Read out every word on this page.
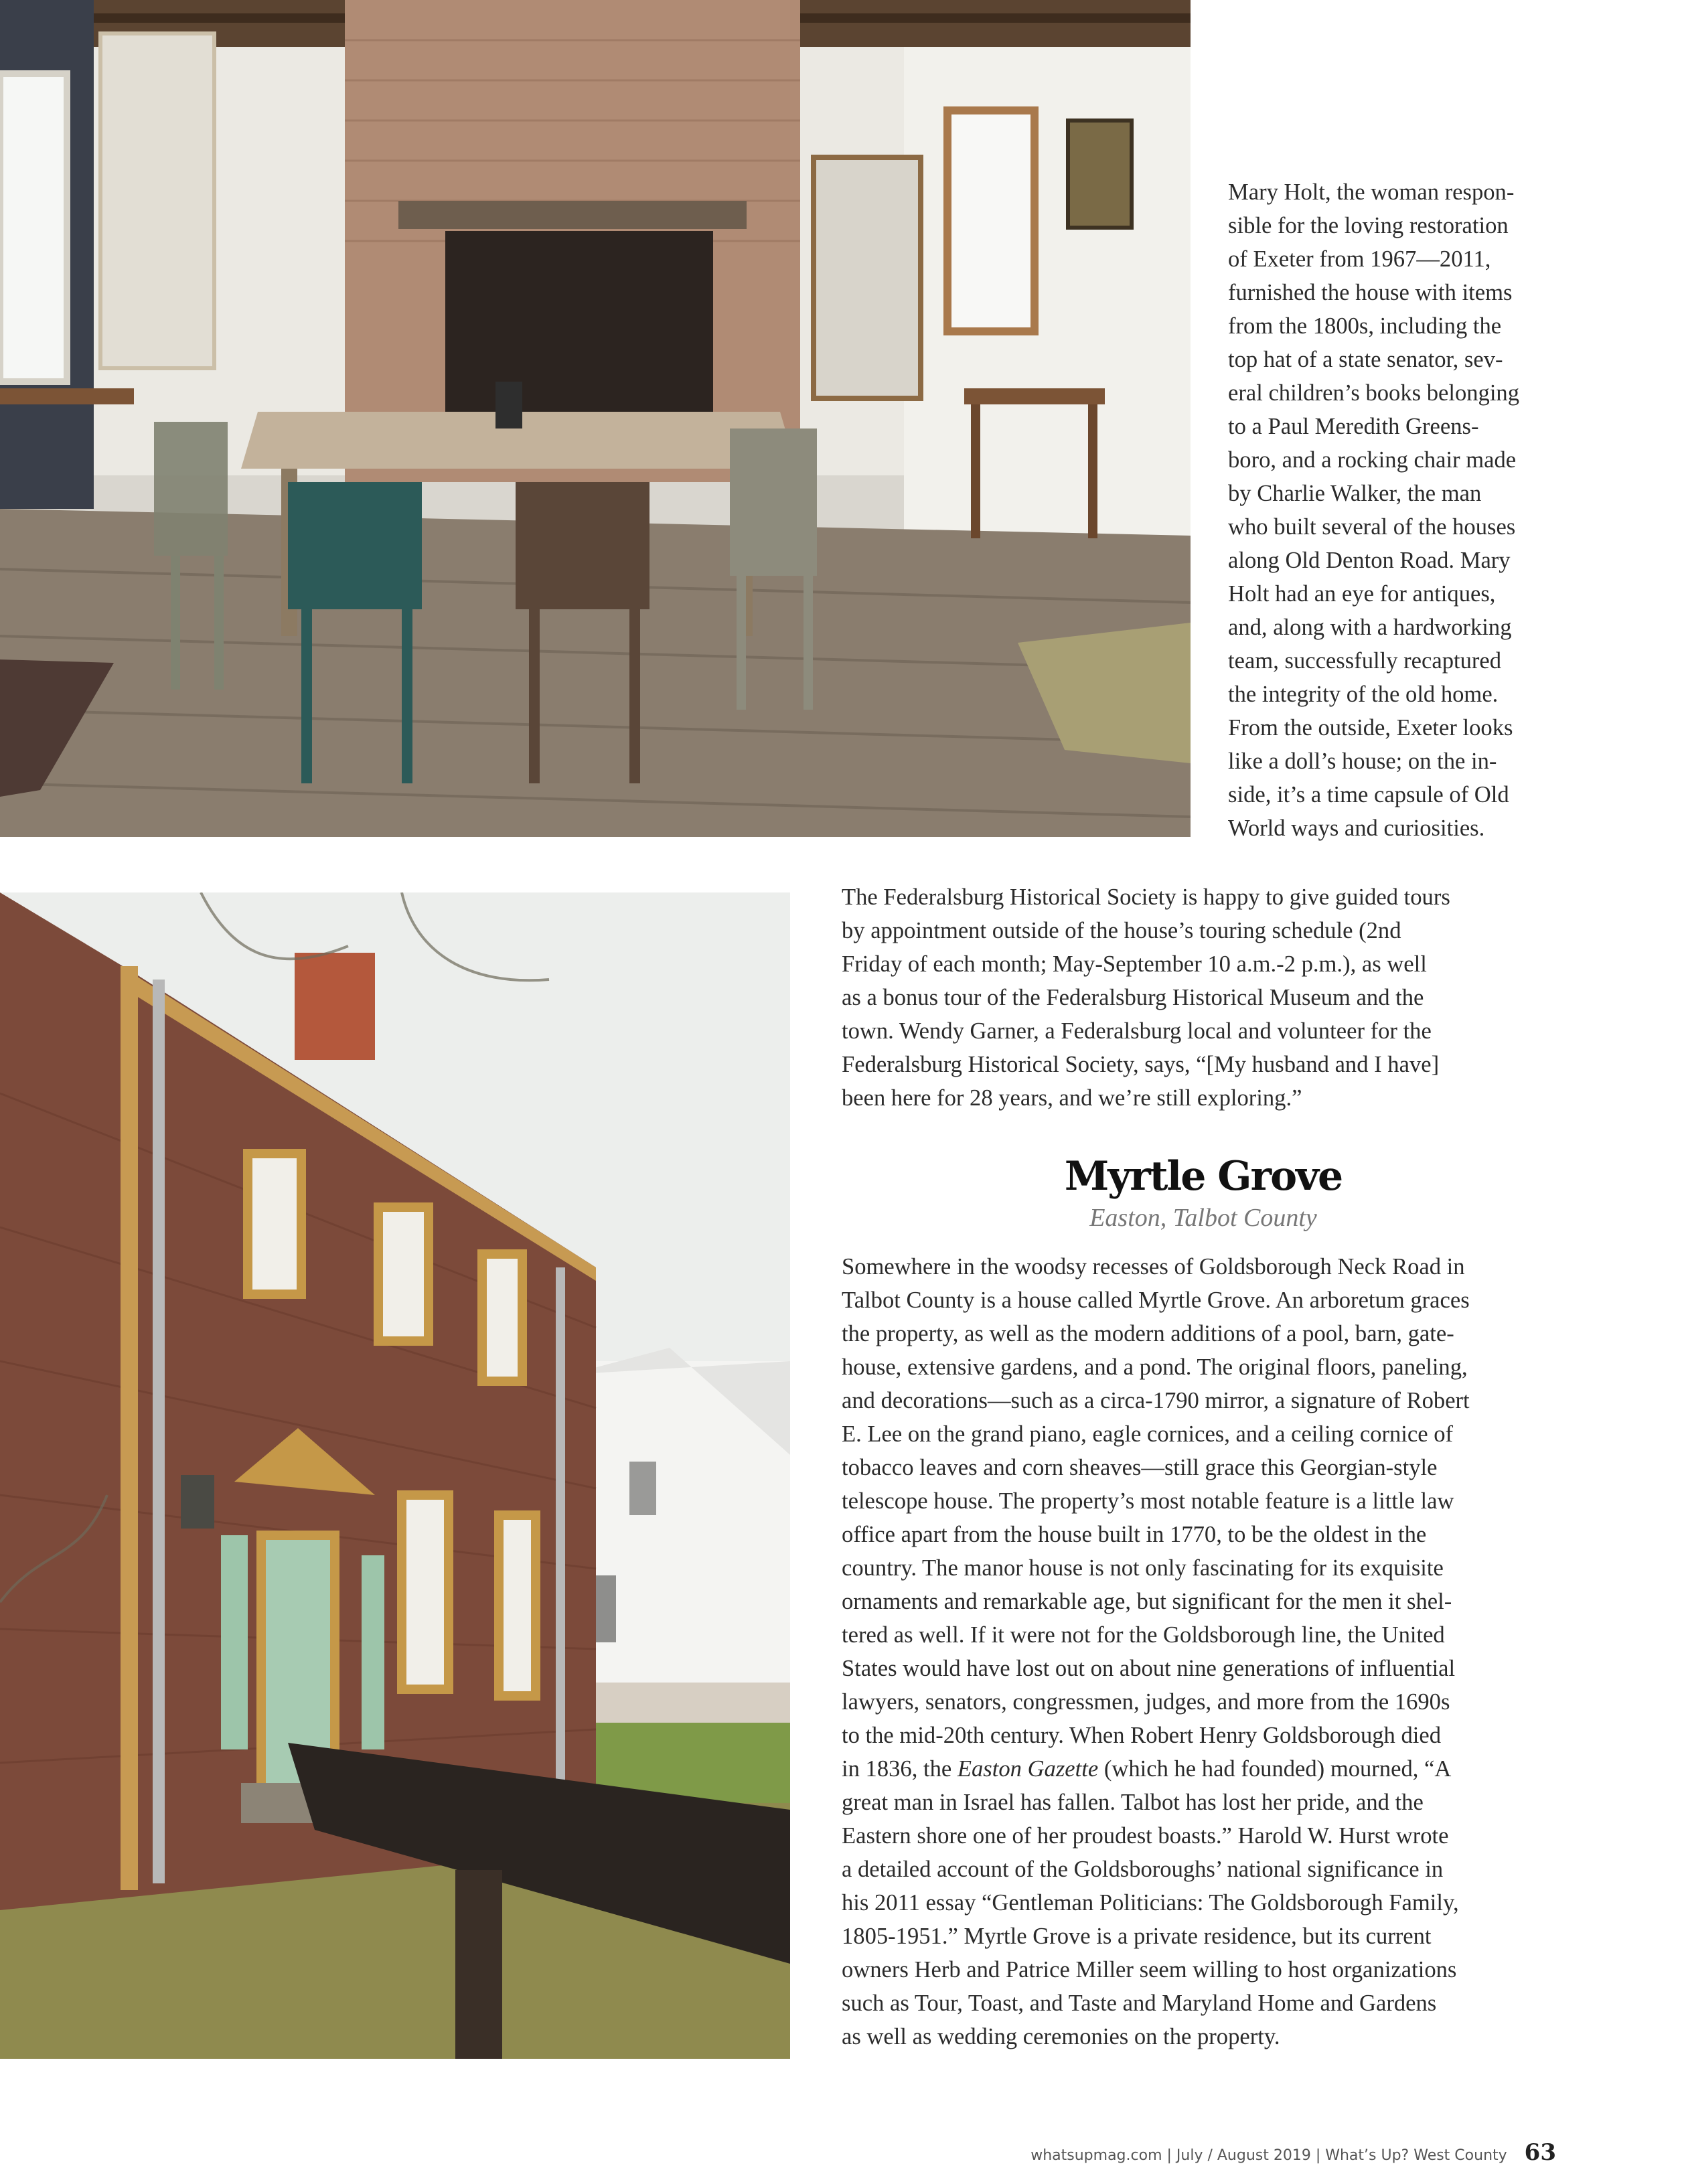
Mary Holt, the woman respon-
sible for the loving restoration
of Exeter from 1967—2011,
furnished the house with items
from the 1800s, including the
top hat of a state senator, sev-
eral children’s books belonging
to a Paul Meredith Greens-
boro, and a rocking chair made
by Charlie Walker, the man
who built several of the houses
along Old Denton Road. Mary
Holt had an eye for antiques,
and, along with a hardworking
team, successfully recaptured
the integrity of the old home.
From the outside, Exeter looks
like a doll’s house; on the in-
side, it’s a time capsule of Old
World ways and curiosities.
The Federalsburg Historical Society is happy to give guided tours
by appointment outside of the house’s touring schedule (2nd
Friday of each month; May-September 10 a.m.-2 p.m.), as well
as a bonus tour of the Federalsburg Historical Museum and the
town. Wendy Garner, a Federalsburg local and volunteer for the
Federalsburg Historical Society, says, “[My husband and I have]
been here for 28 years, and we’re still exploring.”
Myrtle Grove
Easton, Talbot County
Somewhere in the woodsy recesses of Goldsborough Neck Road in
Talbot County is a house called Myrtle Grove. An arboretum graces
the property, as well as the modern additions of a pool, barn, gate-
house, extensive gardens, and a pond. The original floors, paneling,
and decorations—such as a circa-1790 mirror, a signature of Robert
E. Lee on the grand piano, eagle cornices, and a ceiling cornice of
tobacco leaves and corn sheaves—still grace this Georgian-style
telescope house. The property’s most notable feature is a little law
office apart from the house built in 1770, to be the oldest in the
country. The manor house is not only fascinating for its exquisite
ornaments and remarkable age, but significant for the men it shel-
tered as well. If it were not for the Goldsborough line, the United
States would have lost out on about nine generations of influential
lawyers, senators, congressmen, judges, and more from the 1690s
to the mid-20th century. When Robert Henry Goldsborough died
in 1836, the Easton Gazette (which he had founded) mourned, “A
great man in Israel has fallen. Talbot has lost her pride, and the
Eastern shore one of her proudest boasts.” Harold W. Hurst wrote
a detailed account of the Goldsboroughs’ national significance in
his 2011 essay “Gentleman Politicians: The Goldsborough Family,
1805-1951.” Myrtle Grove is a private residence, but its current
owners Herb and Patrice Miller seem willing to host organizations
such as Tour, Toast, and Taste and Maryland Home and Gardens
as well as wedding ceremonies on the property.
whatsupmag.com | July / August 2019 | What’s Up? West County 63
